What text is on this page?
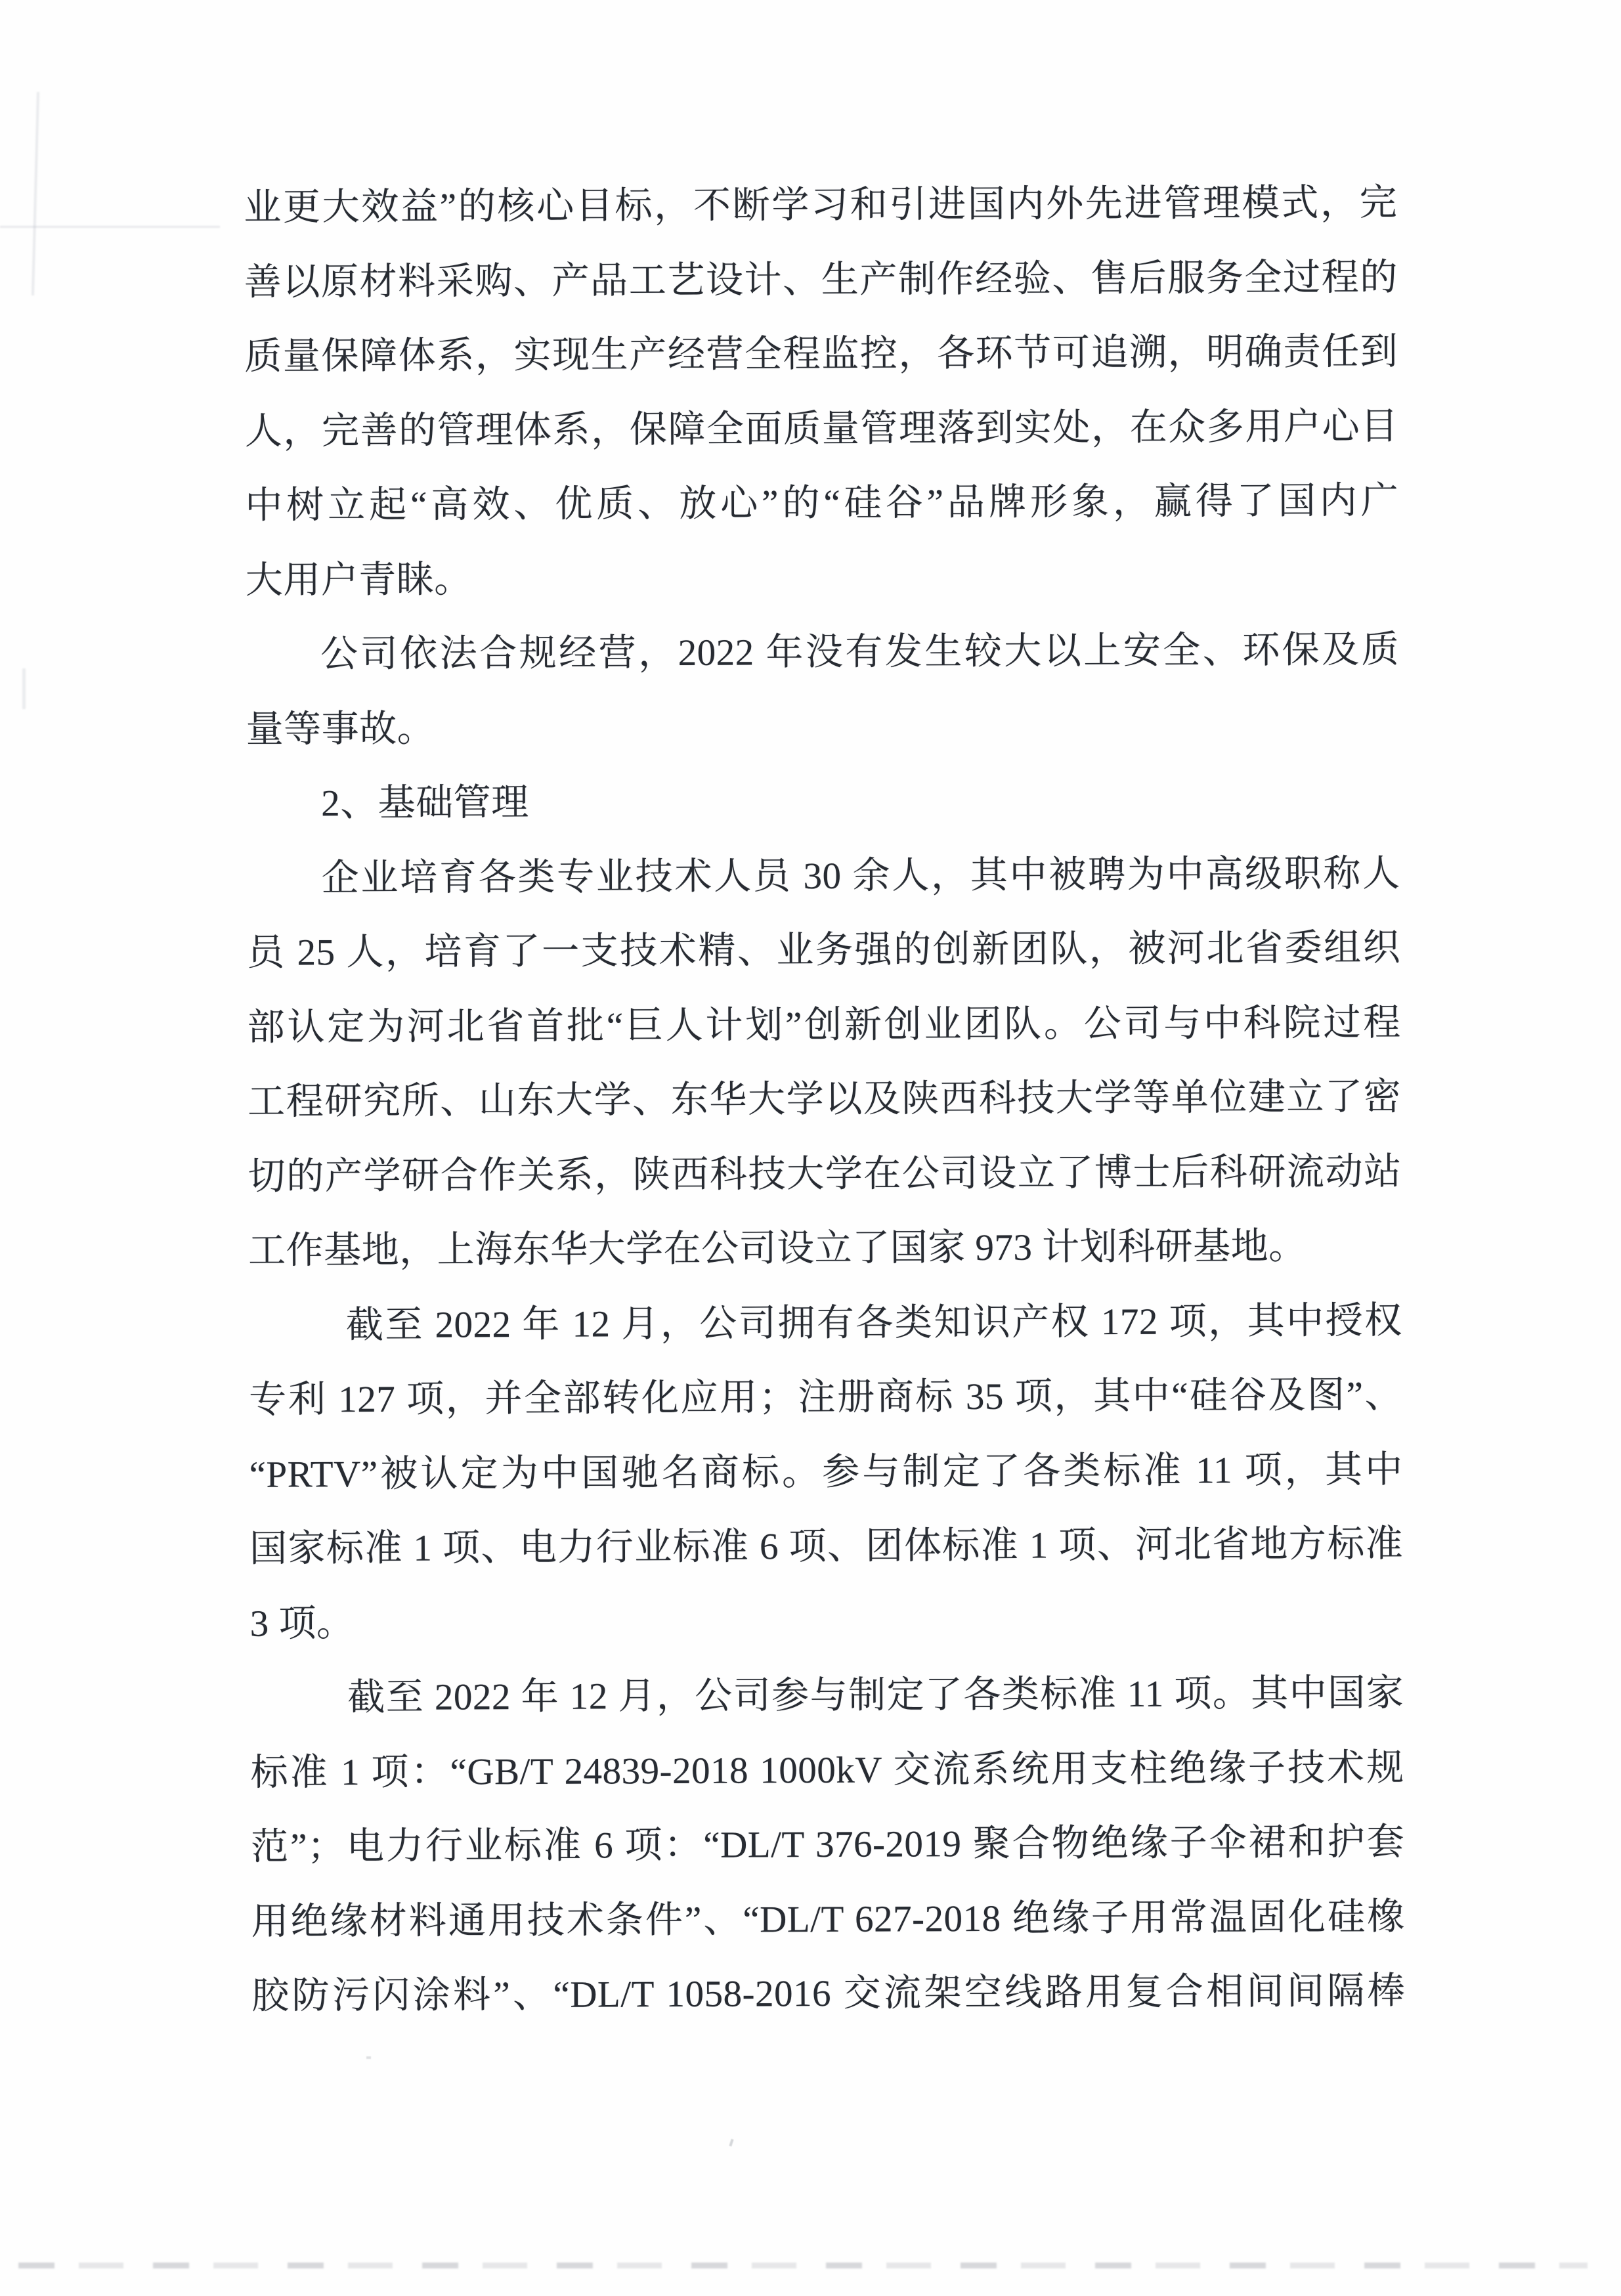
业更大效益”的核心目标，不断学习和引进国内外先进管理模式，完
善以原材料采购、产品工艺设计、生产制作经验、售后服务全过程的
质量保障体系，实现生产经营全程监控，各环节可追溯，明确责任到
人，完善的管理体系，保障全面质量管理落到实处，在众多用户心目
中树立起“高效、优质、放心”的“硅谷”品牌形象，赢得了国内广
大用户青睐。
公司依法合规经营，2022 年没有发生较大以上安全、环保及质
量等事故。
2、基础管理
企业培育各类专业技术人员 30 余人，其中被聘为中高级职称人
员 25 人，培育了一支技术精、业务强的创新团队，被河北省委组织
部认定为河北省首批“巨人计划”创新创业团队。公司与中科院过程
工程研究所、山东大学、东华大学以及陕西科技大学等单位建立了密
切的产学研合作关系，陕西科技大学在公司设立了博士后科研流动站
工作基地，上海东华大学在公司设立了国家 973 计划科研基地。
截至 2022 年 12 月，公司拥有各类知识产权 172 项，其中授权
专利 127 项，并全部转化应用；注册商标 35 项，其中“硅谷及图”、
“PRTV”被认定为中国驰名商标。参与制定了各类标准 11 项，其中
国家标准 1 项、电力行业标准 6 项、团体标准 1 项、河北省地方标准
3 项。
截至 2022 年 12 月，公司参与制定了各类标准 11 项。其中国家
标准 1 项：“GB/T 24839-2018 1000kV 交流系统用支柱绝缘子技术规
范”；电力行业标准 6 项：“DL/T 376-2019 聚合物绝缘子伞裙和护套
用绝缘材料通用技术条件”、“DL/T 627-2018 绝缘子用常温固化硅橡
胶防污闪涂料”、“DL/T 1058-2016 交流架空线路用复合相间间隔棒
